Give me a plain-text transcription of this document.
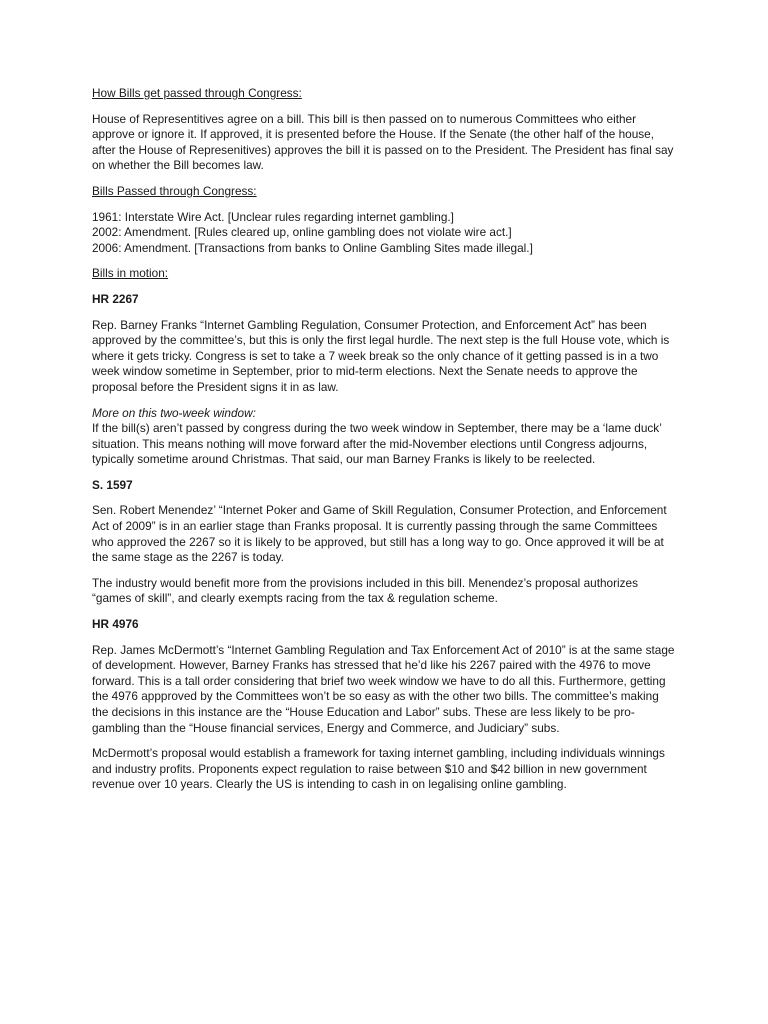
How Bills get passed through Congress:

House of Representitives agree on a bill. This bill is then passed on to numerous Committees who either approve or ignore it. If approved, it is presented before the House. If the Senate (the other half of the house, after the House of Represenitives) approves the bill it is passed on to the President. The President has final say on whether the Bill becomes law.

Bills Passed through Congress:

1961: Interstate Wire Act. [Unclear rules regarding internet gambling.]
2002: Amendment. [Rules cleared up, online gambling does not violate wire act.]
2006: Amendment. [Transactions from banks to Online Gambling Sites made illegal.]

Bills in motion:

HR 2267

Rep. Barney Franks “Internet Gambling Regulation, Consumer Protection, and Enforcement Act” has been approved by the committee’s, but this is only the first legal hurdle. The next step is the full House vote, which is where it gets tricky. Congress is set to take a 7 week break so the only chance of it getting passed is in a two week window sometime in September, prior to mid-term elections. Next the Senate needs to approve the proposal before the President signs it in as law.

More on this two-week window:
If the bill(s) aren’t passed by congress during the two week window in September, there may be a ‘lame duck’ situation. This means nothing will move forward after the mid-November elections until Congress adjourns, typically sometime around Christmas. That said, our man Barney Franks is likely to be reelected.

S. 1597

Sen. Robert Menendez’ “Internet Poker and Game of Skill Regulation, Consumer Protection, and Enforcement Act of 2009” is in an earlier stage than Franks proposal. It is currently passing through the same Committees who approved the 2267 so it is likely to be approved, but still has a long way to go. Once approved it will be at the same stage as the 2267 is today.

The industry would benefit more from the provisions included in this bill. Menendez’s proposal authorizes “games of skill”, and clearly exempts racing from the tax & regulation scheme.

HR 4976

Rep. James McDermott’s “Internet Gambling Regulation and Tax Enforcement Act of 2010” is at the same stage of development. However, Barney Franks has stressed that he’d like his 2267 paired with the 4976 to move forward. This is a tall order considering that brief two week window we have to do all this. Furthermore, getting the 4976 appproved by the Committees won’t be so easy as with the other two bills. The committee’s making the decisions in this instance are the “House Education and Labor” subs. These are less likely to be pro-gambling than the “House financial services, Energy and Commerce, and Judiciary” subs.

McDermott’s proposal would establish a framework for taxing internet gambling, including individuals winnings and industry profits. Proponents expect regulation to raise between $10 and $42 billion in new government revenue over 10 years. Clearly the US is intending to cash in on legalising online gambling.
